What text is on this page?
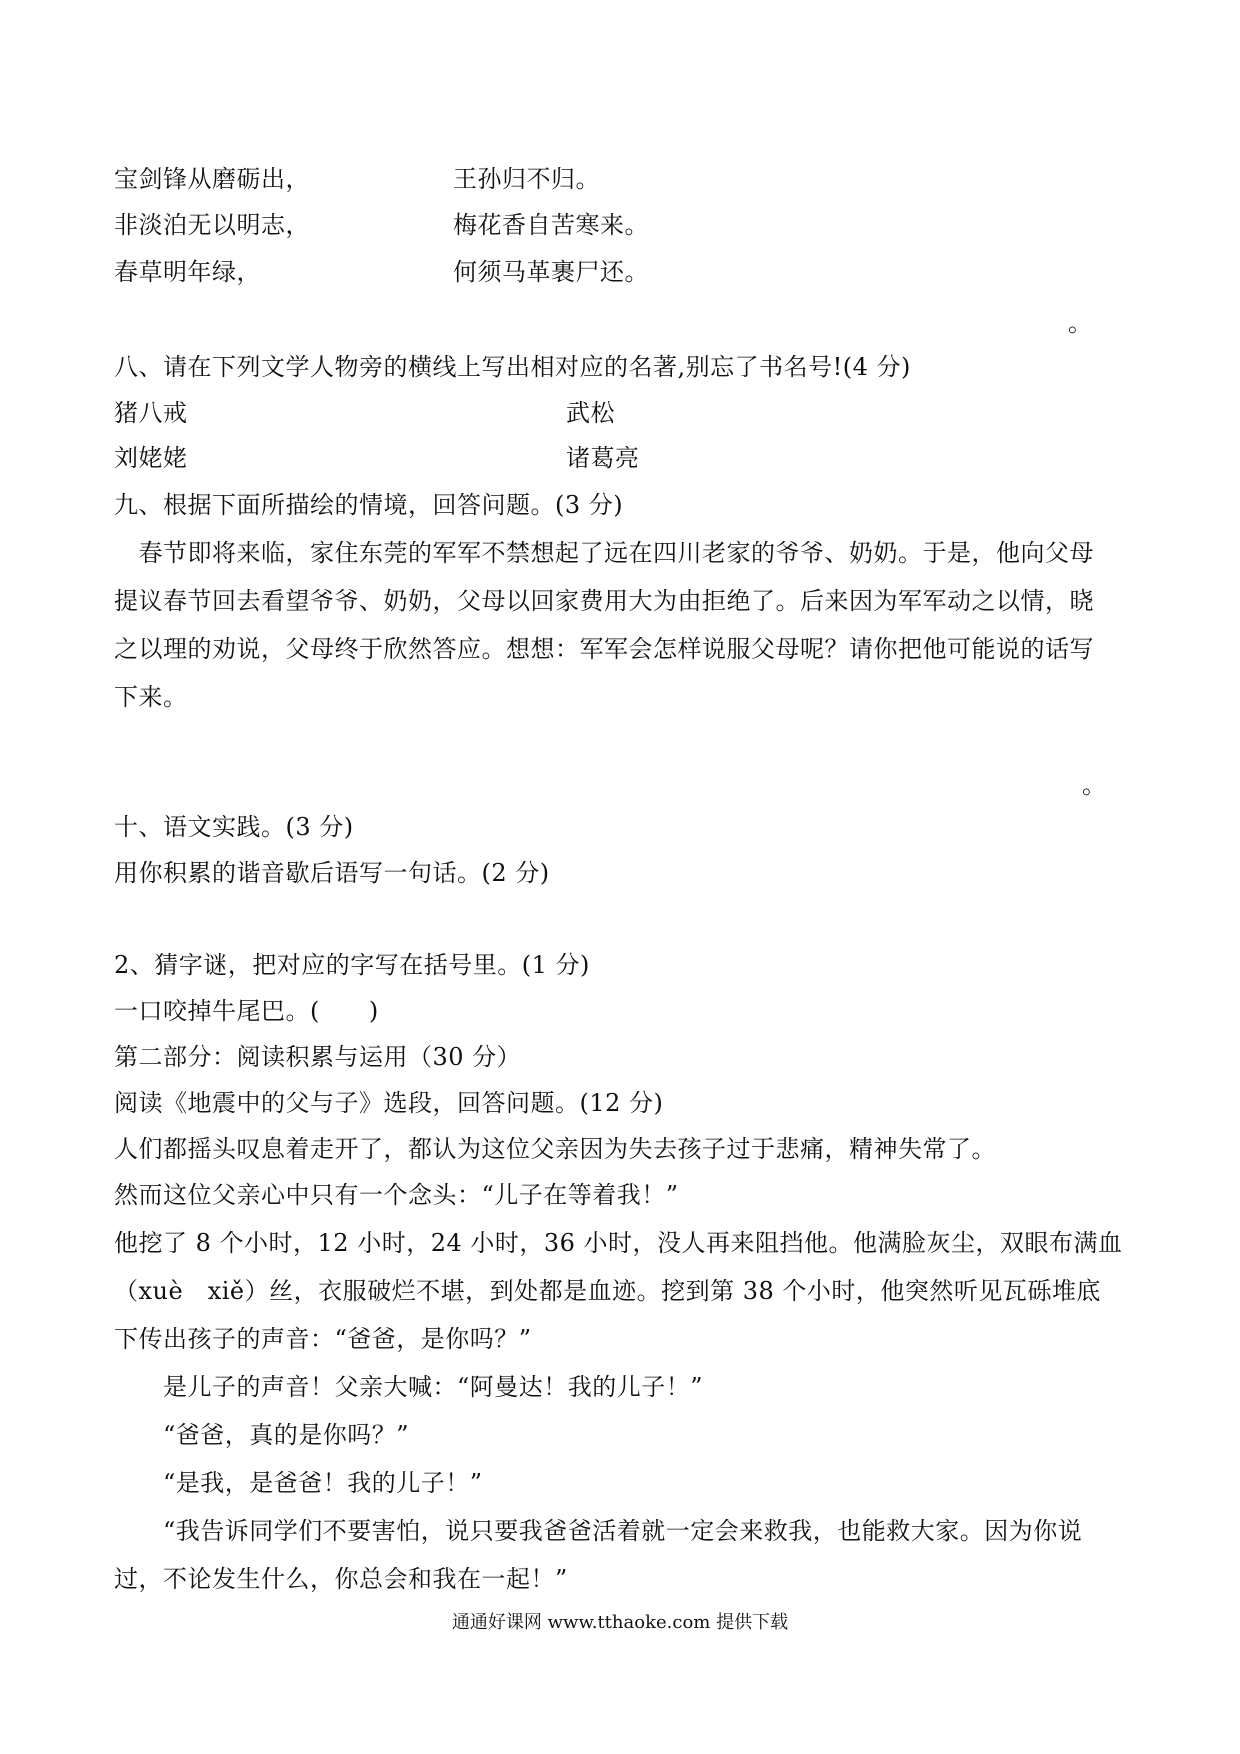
宝剑锋从磨砺出，	王孙归不归。
非淡泊无以明志，	梅花香自苦寒来。
春草明年绿，	何须马革裹尸还。
。
八、请在下列文学人物旁的横线上写出相对应的名著,别忘了书名号!(4 分)
猪八戒	武松
刘姥姥	诸葛亮
九、根据下面所描绘的情境，回答问题。(3 分)
　春节即将来临，家住东莞的军军不禁想起了远在四川老家的爷爷、奶奶。于是，他向父母
提议春节回去看望爷爷、奶奶，父母以回家费用大为由拒绝了。后来因为军军动之以情，晓
之以理的劝说，父母终于欣然答应。想想：军军会怎样说服父母呢？请你把他可能说的话写
下来。
。
十、语文实践。(3 分)
用你积累的谐音歇后语写一句话。(2 分)
2、猜字谜，把对应的字写在括号里。(1 分)
一口咬掉牛尾巴。(　　)
第二部分：阅读积累与运用（30 分）
阅读《地震中的父与子》选段，回答问题。(12 分)
人们都摇头叹息着走开了，都认为这位父亲因为失去孩子过于悲痛，精神失常了。
然而这位父亲心中只有一个念头：“儿子在等着我！”
他挖了 8 个小时，12 小时，24 小时，36 小时，没人再来阻挡他。他满脸灰尘，双眼布满血
（xuè　xiě）丝，衣服破烂不堪，到处都是血迹。挖到第 38 个小时，他突然听见瓦砾堆底
下传出孩子的声音：“爸爸，是你吗？”
　　是儿子的声音！父亲大喊：“阿曼达！我的儿子！”
　　“爸爸，真的是你吗？”
　　“是我，是爸爸！我的儿子！”
　　“我告诉同学们不要害怕，说只要我爸爸活着就一定会来救我，也能救大家。因为你说
过，不论发生什么，你总会和我在一起！”
通通好课网 www.tthaoke.com 提供下载
